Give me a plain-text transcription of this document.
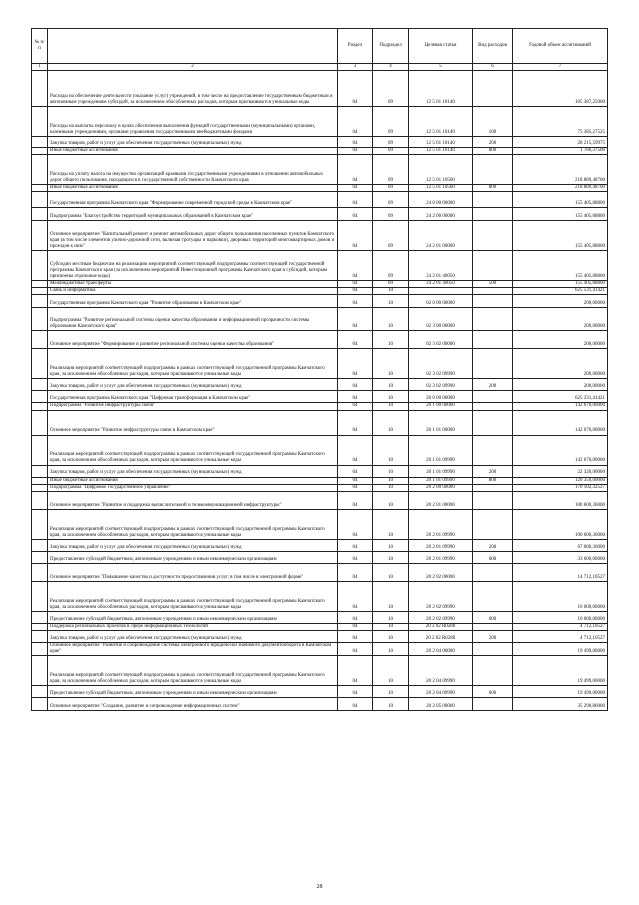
№ п/п		Раздел	Подраздел	Целевая статья	Вид расходов	Годовой объем ассигнований
1	2	3	4	5	6	7
	Расходы на обеспечение деятельности (оказание услуг) учреждений, в том числе на предоставление государственным бюджетным и автономным учреждениям субсидий, за исключением обособленных расходов, которым присваиваются уникальные коды	04	09	12 5 01 10140		105 387,25000
	Расходы на выплаты персоналу в целях обеспечения выполнения функций государственными (муниципальными) органами, казенными учреждениями, органами управления государственными внебюджетными фондами	04	09	12 5 01 10140	100	75 385,27525
	Закупка товаров, работ и услуг для обеспечения государственных (муниципальных) нужд	04	09	12 5 01 10140	200	28 215,59975
	Иные бюджетные ассигнования	04	09	12 5 01 10140	800	1 786,37500
	Расходы на уплату налога на имущество организаций краевыми государственными учреждениями в отношении автомобильных дорог общего пользования, находящихся в государственной собственности Камчатского края	04	09	12 5 01 10560		218 889,48700
	Иные бюджетные ассигнования	04	09	12 5 01 10560	800	218 889,48700
	Государственная программа Камчатского края "Формирование современной городской среды в Камчатском крае"	04	09	24 0 00 00000		155 405,08800
	Подпрограмма "Благоустройство территорий муниципальных образований в Камчатском крае"	04	09	24 2 00 00000		155 405,08800
	Основное мероприятие "Капитальный ремонт и ремонт автомобильных дорог общего пользования населенных пунктов Камчатского края (в том числе элементов улично-дорожной сети, включая тротуары и парковки), дворовых территорий многоквартирных домов и проездов к ним"	04	09	24 2 01 00000		155 405,08800
	Субсидии местным бюджетам на реализацию мероприятий соответствующей подпрограммы соответствующей государственной программы Камчатского края (за исключением мероприятий Инвестиционной программы Камчатского края и субсидий, которым присвоены отдельные коды)	04	09	24 2 01 40050		155 405,08800
	Межбюджетные трансферты	04	09	24 2 01 40050	500	155 405,08800
	Связь и информатика	04	10			625 531,41421
	Государственная программа Камчатского края "Развитие образования в Камчатском крае"	04	10	02 0 00 00000		200,00000
	Подпрограмма "Развитие региональной системы оценки качества образования и информационной прозрачности системы образования Камчатского края"	04	10	02 3 00 00000		200,00000
	Основное мероприятие "Формирование и развитие региональной системы оценки качества образования"	04	10	02 3 02 00000		200,00000
	Реализация мероприятий соответствующей подпрограммы в рамках соответствующей государственной программы Камчатского края, за исключением обособленных расходов, которым присваиваются уникальные коды	04	10	02 3 02 09990		200,00000
	Закупка товаров, работ и услуг для обеспечения государственных (муниципальных) нужд	04	10	02 3 02 09990	200	200,00000
	Государственная программа Камчатского края "Цифровая трансформация в Камчатском крае"	04	10	20 0 00 00000		625 331,41421
	Подпрограмма "Развитие инфраструктуры связи"	04	10	20 1 00 00000		142 670,00000
	Основное мероприятие "Развитие инфраструктуры связи в Камчатском крае"	04	10	20 1 01 00000		142 670,00000
	Реализация мероприятий соответствующей подпрограммы в рамках соответствующей государственной программы Камчатского края, за исключением обособленных расходов, которым присваиваются уникальные коды	04	10	20 1 01 09990		142 670,00000
	Закупка товаров, работ и услуг для обеспечения государственных (муниципальных) нужд	04	10	20 1 01 09990	200	22 320,00000
	Иные бюджетные ассигнования	04	10	20 1 01 09990	800	120 350,00000
	Подпрограмма "Цифровое государственное управление"	04	10	20 2 00 00000		170 102,32527
	Основное мероприятие "Развитие и поддержка вычислительной и телекоммуникационной инфраструктуры"	04	10	20 2 01 00000		100 600,36000
	Реализация мероприятий соответствующей подпрограммы в рамках соответствующей государственной программы Камчатского края, за исключением обособленных расходов, которым присваиваются уникальные коды	04	10	20 2 01 09990		100 600,36000
	Закупка товаров, работ и услуг для обеспечения государственных (муниципальных) нужд	04	10	20 2 01 09990	200	67 000,36000
	Предоставление субсидий бюджетным, автономным учреждениям и иным некоммерческим организациям	04	10	20 2 01 09990	600	33 600,00000
	Основное мероприятие "Повышение качества и доступности предоставления услуг, в том числе в электронной форме"	04	10	20 2 02 00000		14 712,10527
	Реализация мероприятий соответствующей подпрограммы в рамках соответствующей государственной программы Камчатского края, за исключением обособленных расходов, которым присваиваются уникальные коды	04	10	20 2 02 09990		10 000,00000
	Предоставление субсидий бюджетным, автономным учреждениям и иным некоммерческим организациям	04	10	20 2 02 09990	600	10 000,00000
	Поддержка региональных проектов в сфере информационных технологий	04	10	20 2 02 R0280		4 712,10527
	Закупка товаров, работ и услуг для обеспечения государственных (муниципальных) нужд	04	10	20 2 02 R0280	200	4 712,10527
	Основное мероприятие "Развитие и сопровождение системы электронного юридически значимого документооборота в Камчатском крае"	04	10	20 2 04 00000		19 499,00000
	Реализация мероприятий соответствующей подпрограммы в рамках соответствующей государственной программы Камчатского края, за исключением обособленных расходов, которым присваиваются уникальные коды	04	10	20 2 04 09990		19 499,00000
	Предоставление субсидий бюджетным, автономным учреждениям и иным некоммерческим организациям	04	10	20 2 04 09990	600	19 499,00000
	Основное мероприятие "Создание, развитие и сопровождение информационных систем"	04	10	20 2 05 00000		35 290,86000
28
